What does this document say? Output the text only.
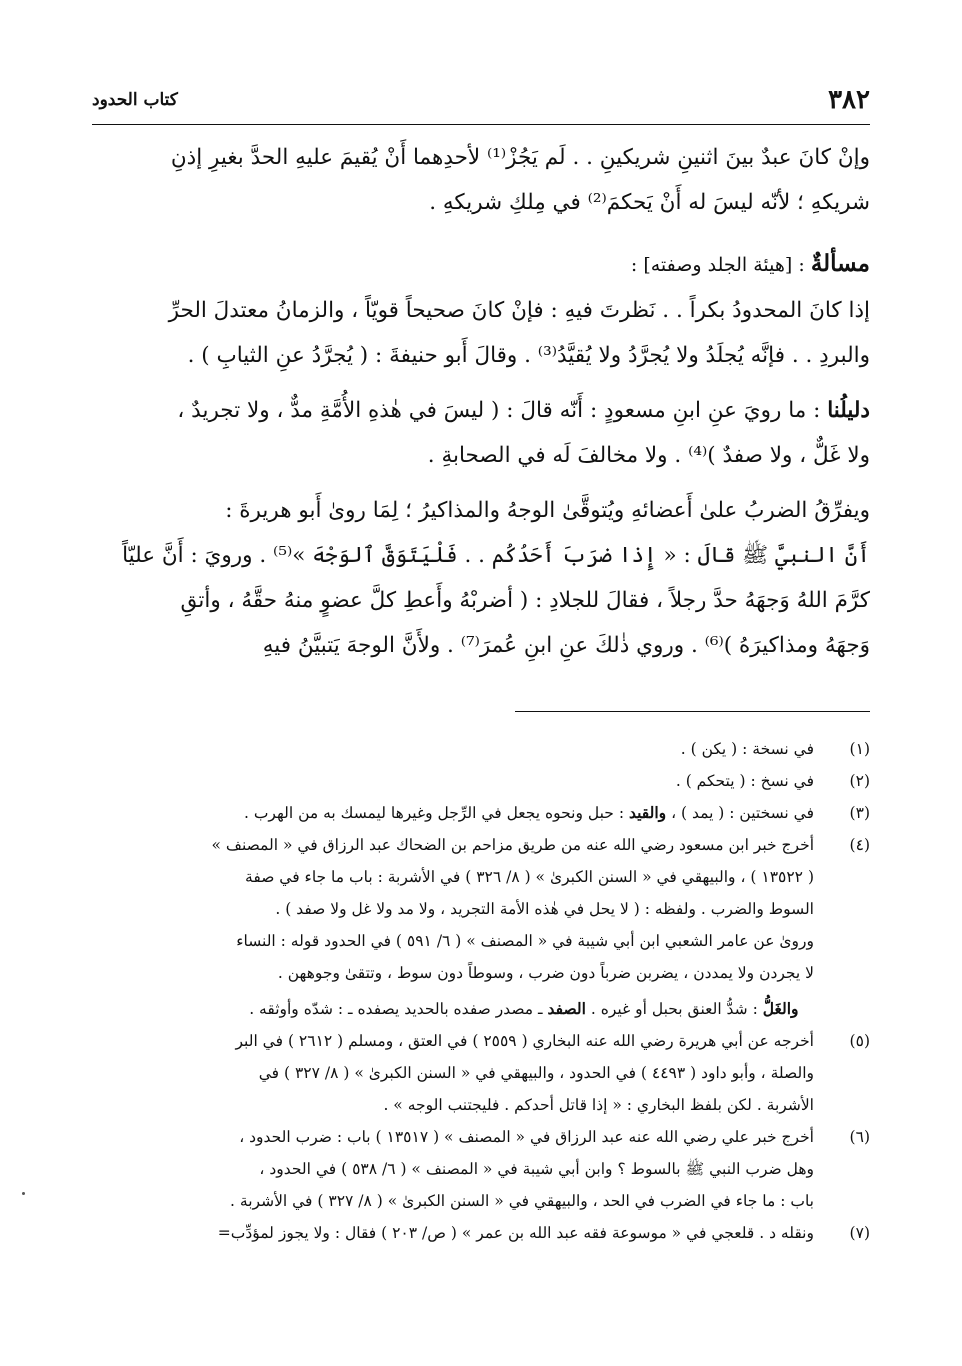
٣٨٢
كتاب الحدود

وإنْ كانَ عبدٌ بينَ اثنينِ شريكينِ . . لَم يَجُزْ⁽¹⁾ لأحدِهما أَنْ يُقيمَ عليهِ الحدَّ بغيرِ إذنِ

شريكهِ ؛ لأنّه ليسَ له أَنْ يَحكمَ⁽²⁾ في مِلكِ شريكهِ .

مسألةٌ : [هيئة الجلد وصفته] :

إذا كانَ المحدودُ بكراً . . نَظرتَ فيهِ : فإنْ كانَ صحيحاً قويّاً ، والزمانُ معتدلَ الحرِّ

والبردِ . . فإنَّه يُجلَدُ ولا يُجرَّدُ ولا يُقيَّدُ⁽³⁾ . وقالَ أَبو حنيفةَ : ( يُجرَّدُ عنِ الثيابِ ) .

دليلُنا : ما رويَ عنِ ابنِ مسعودٍ : أَنّه قالَ : ( ليسَ في هٰذهِ الأُمَّةِ مدٌّ ، ولا تجريدٌ ،

ولا غَلٌّ ، ولا صفدٌ )⁽⁴⁾ . ولا مخالفَ لَه في الصحابةِ .

ويفرِّقُ الضربُ علىٰ أَعضائهِ ويُتوقَّىٰ الوجهُ والمذاكيرُ ؛ لِمَا روىٰ أَبو هريرةَ :

أَنَّ النبيَّ ﷺ قالَ : « إِذا ضرَبَ أَحَدُكُم . . فَلْيَتَوَقَّ ٱلوَجْهَ »⁽⁵⁾ . ورويَ : أَنَّ عليّاً

كرَّمَ اللهُ وَجهَهُ حدَّ رجلاً ، فقالَ للجلادِ : ( أضربْهُ وأَعطِ كلَّ عضوٍ منهُ حقَّهُ ، وأتقِ

وَجهَهُ ومذاكيرَهُ )⁽⁶⁾ . وروي ذٰلكَ عنِ ابنِ عُمرَ⁽⁷⁾ . ولأَنَّ الوجهَ يَتبيَّنُ فيهِ

(١)
في نسخة : ( يكن ) .
(٢)
في نسخ : ( يتحكم ) .
(٣)
في نسختين : ( يمد ) ، والقيد : حبل ونحوه يجعل في الرِّجل وغيرها ليمسك به من الهرب .
(٤)
أخرج خبر ابن مسعود رضي الله عنه من طريق مزاحم بن الضحاك عبد الرزاق في « المصنف »

( ١٣٥٢٢ ) ، والبيهقي في « السنن الكبرىٰ » ( ٨/ ٣٢٦ ) في الأشربة : باب ما جاء في صفة

السوط والضرب . ولفظه : ( لا يحل في هٰذه الأمة التجريد ، ولا مد ولا غل ولا صفد ) .

وروىٰ عن عامر الشعبي ابن أبي شيبة في « المصنف » ( ٦/ ٥٩١ ) في الحدود قوله : النساء

لا يجردن ولا يمددن ، يضربن ضرباً دون ضرب ، وسوطاً دون سوط ، وتتقىٰ وجوههن .

 والغَلُّ : شدُّ العنق بحبل أو غيره . الصفد ـ مصدر صفده بالحديد يصفده ـ : شدّه وأوثقه .

(٥)
أخرجه عن أبي هريرة رضي الله عنه البخاري ( ٢٥٥٩ ) في العتق ، ومسلم ( ٢٦١٢ ) في البر

والصلة ، وأبو داود ( ٤٤٩٣ ) في الحدود ، والبيهقي في « السنن الكبرىٰ » ( ٨/ ٣٢٧ ) في

الأشربة . لكن بلفظ البخاري : « إذا قاتل أحدكم . فليجتنب الوجه » .

(٦)
أخرج خبر علي رضي الله عنه عبد الرزاق في « المصنف » ( ١٣٥١٧ ) باب : ضرب الحدود ،

وهل ضرب النبي ﷺ بالسوط ؟ وابن أبي شيبة في « المصنف » ( ٦/ ٥٣٨ ) في الحدود ،

باب : ما جاء في الضرب في الحد ، والبيهقي في « السنن الكبرىٰ » ( ٨/ ٣٢٧ ) في الأشربة .

(٧)
ونقله د . قلعجي في « موسوعة فقه عبد الله بن عمر » ( ص/ ٢٠٣ ) فقال : ولا يجوز لمؤدِّب=
